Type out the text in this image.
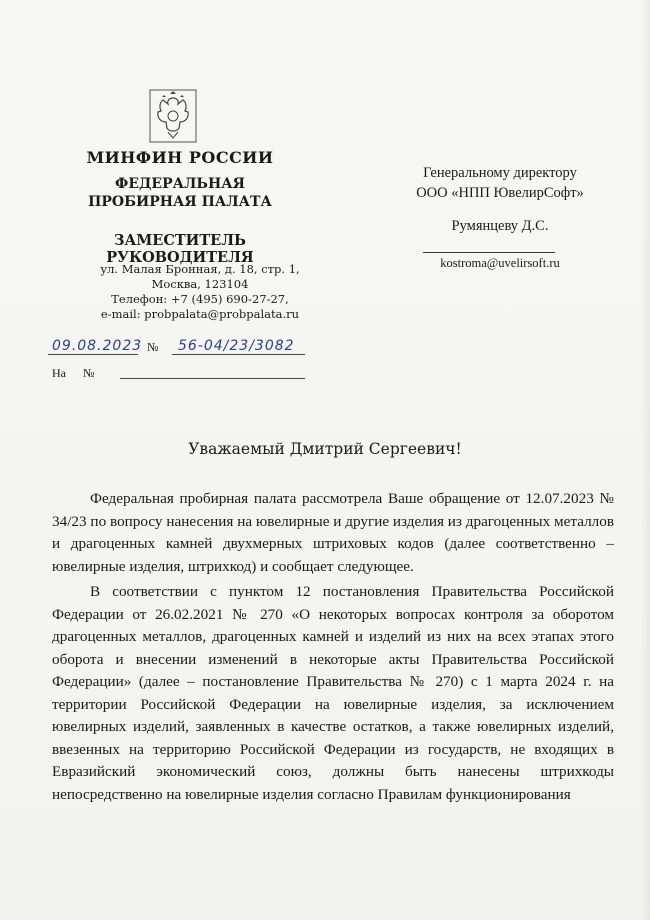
МИНФИН РОССИИ
ФЕДЕРАЛЬНАЯ
ПРОБИРНАЯ ПАЛАТА
ЗАМЕСТИТЕЛЬ РУКОВОДИТЕЛЯ
ул. Малая Бронная, д. 18, стр. 1,
Москва, 123104
Телефон: +7 (495) 690-27-27,
e-mail: probpalata@probpalata.ru
Генеральному директору
ООО «НПП ЮвелирСофт»
Румянцеву Д.С.
kostroma@uvelirsoft.ru
09.08.2023 № 56-04/23/3082
На №
Уважаемый Дмитрий Сергеевич!

Федеральная пробирная палата рассмотрела Ваше обращение от 12.07.2023 № 34/23 по вопросу нанесения на ювелирные и другие изделия из драгоценных металлов и драгоценных камней двухмерных штриховых кодов (далее соответственно – ювелирные изделия, штрихкод) и сообщает следующее.

В соответствии с пунктом 12 постановления Правительства Российской Федерации от 26.02.2021 № 270 «О некоторых вопросах контроля за оборотом драгоценных металлов, драгоценных камней и изделий из них на всех этапах этого оборота и внесении изменений в некоторые акты Правительства Российской Федерации» (далее – постановление Правительства № 270) с 1 марта 2024 г. на территории Российской Федерации на ювелирные изделия, за исключением ювелирных изделий, заявленных в качестве остатков, а также ювелирных изделий, ввезенных на территорию Российской Федерации из государств, не входящих в Евразийский экономический союз, должны быть нанесены штрихкоды непосредственно на ювелирные изделия согласно Правилам функционирования
